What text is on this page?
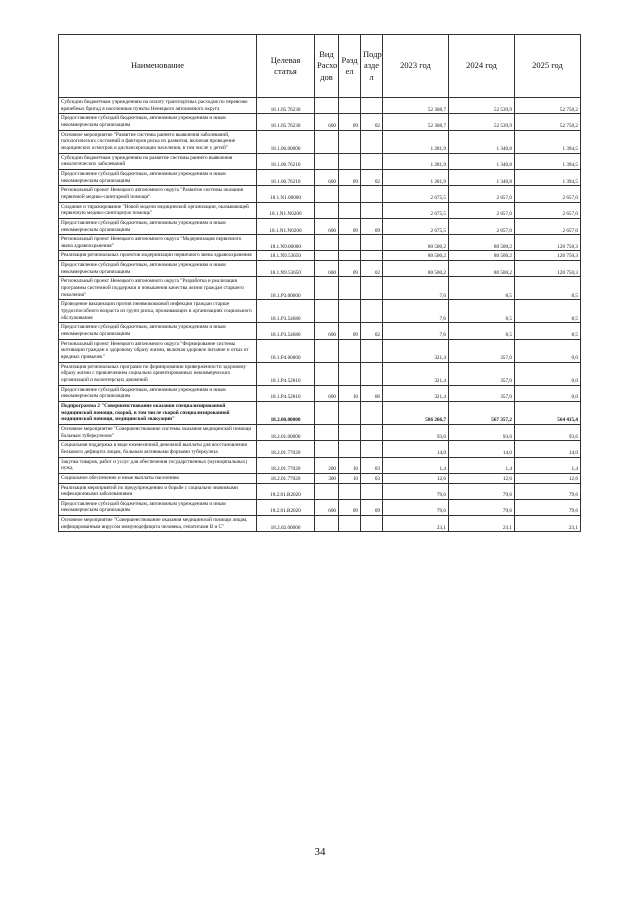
Наименование	Целевая статья	Вид Расхо дов	Разд ел	Подр азде л	2023 год	2024 год	2025 год
Субсидии бюджетным учреждениям на оплату транспортных расходов по перевозке врачебных бригад в населенные пункты Ненецкого автономного округа	18.1.05.76230				52 308,7	52 539,9	52 750,2
Предоставление субсидий бюджетным, автономным учреждениям и иным некоммерческим организациям	18.1.05.76230	600	09	02	52 308,7	52 539,9	52 750,2
Основное мероприятие "Развитие системы раннего выявления заболеваний, патологических состояний и факторов риска их развития, включая проведение медицинских осмотров и диспансеризации населения, в том числе у детей"	18.1.06.00000				1 281,9	1 340,8	1 394,5
Субсидии бюджетным учреждениям на развитие системы раннего выявления онкологических заболеваний	18.1.06.76210				1 281,9	1 340,8	1 394,5
Предоставление субсидий бюджетным, автономным учреждениям и иным некоммерческим организациям	18.1.06.76210	600	09	02	1 281,9	1 340,8	1 394,5
Региональный проект Ненецкого автономного округа "Развитие системы оказания первичной медико-санитарной помощи"	18.1.N1.00000				2 675,5	2 657,0	2 657,0
Создание и тиражирование "Новой модели медицинской организации, оказывающей первичную медико-санитарную помощь"	18.1.N1.N0200				2 675,5	2 657,0	2 657,0
Предоставление субсидий бюджетным, автономным учреждениям и иным некоммерческим организациям	18.1.N1.N0200	600	09	09	2 675,5	2 657,0	2 657,0
Региональный проект Ненецкого автономного округа "Модернизация первичного звена здравоохранения"	18.1.N9.00000				80 500,2	80 500,2	120 750,3
Реализация региональных проектов модернизации первичного звена здравоохранения	18.1.N9.53650				80 500,2	80 500,2	120 750,3
Предоставление субсидий бюджетным, автономным учреждениям и иным некоммерческим организациям	18.1.N9.53650	600	09	02	80 500,2	80 500,2	120 750,3
Региональный проект Ненецкого автономного округа "Разработка и реализация программы системной поддержки и повышения качества жизни граждан старшего поколения"	18.1.P3.00000				7,6	8,5	8,5
Проведение вакцинации против пневмококковой инфекции граждан старше трудоспособного возраста из групп риска, проживающих в организациях социального обслуживания	18.1.P3.54680				7,6	8,5	8,5
Предоставление субсидий бюджетным, автономным учреждениям и иным некоммерческим организациям	18.1.P3.54680	600	09	02	7,6	8,5	8,5
Региональный проект Ненецкого автономного округа "Формирование системы мотивации граждан к здоровому образу жизни, включая здоровое питание и отказ от вредных привычек"	18.1.P4.00000				321,4	357,0	0,0
Реализация региональных программ по формированию приверженности здоровому образу жизни с привлечением социально ориентированных некоммерческих организаций и волонтерских движений	18.1.P4.52810				321,4	357,0	0,0
Предоставление субсидий бюджетным, автономным учреждениям и иным некоммерческим организациям	18.1.P4.52810	600	10	06	321,4	357,0	0,0
Подпрограмма 2 "Совершенствование оказания специализированной медицинской помощи, скорой, в том числе скорой специализированной медицинской помощи, медицинской эвакуации"	18.2.00.00000				586 266,7	567 357,2	564 415,4
Основное мероприятие "Совершенствование системы оказания медицинской помощи больным туберкулезом"	18.2.01.00000				93,6	93,6	93,6
Социальная поддержка в виде ежемесячной денежной выплаты для восстановления белкового дефицита лицам, больным активными формами туберкулеза	18.2.01.77020				14,0	14,0	14,0
Закупка товаров, работ и услуг для обеспечения государственных (муниципальных) нужд	18.2.01.77020	200	10	03	1,4	1,4	1,4
Социальное обеспечение и иные выплаты населению	18.2.01.77020	300	10	03	12,6	12,6	12,6
Реализация мероприятий по предупреждению и борьбе с социально значимыми инфекционными заболеваниями	18.2.01.R2020				79,6	79,6	79,6
Предоставление субсидий бюджетным, автономным учреждениям и иным некоммерческим организациям	18.2.01.R2020	600	09	09	79,6	79,6	79,6
Основное мероприятие "Совершенствование оказания медицинской помощи лицам, инфицированным вирусом иммунодефицита человека, гепатитами В и С"	18.2.02.00000				23,1	23,1	23,1
34
